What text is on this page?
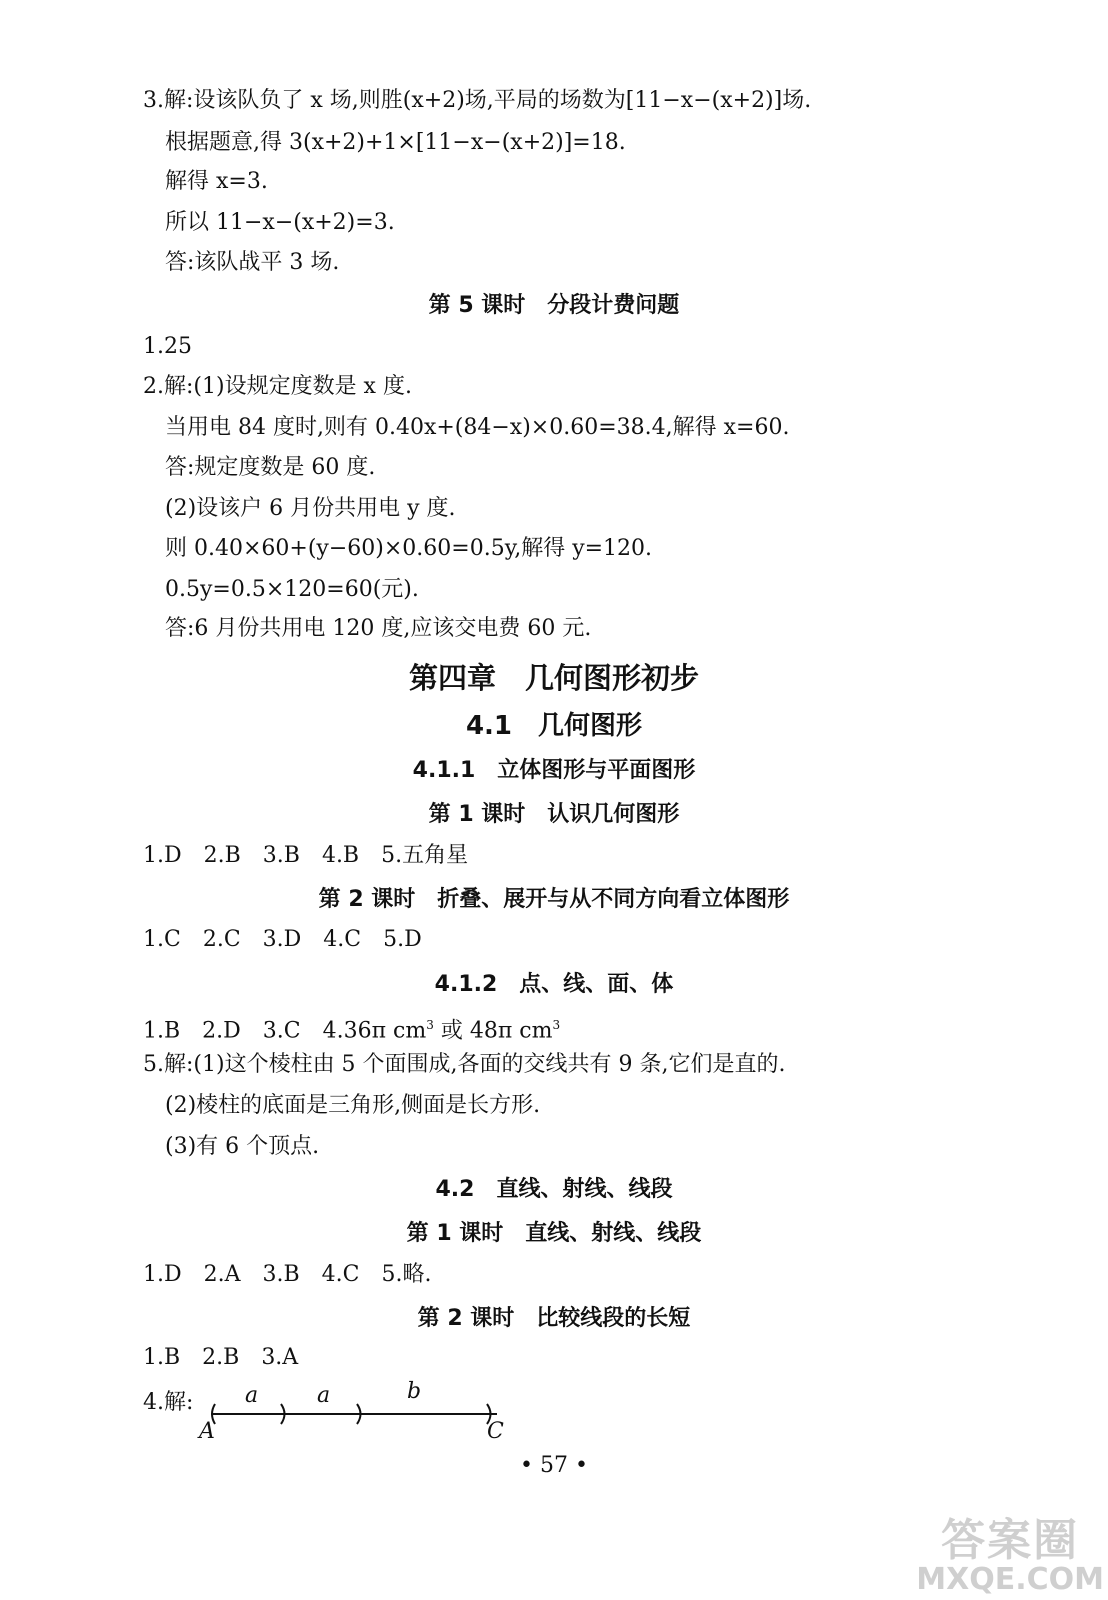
3.解:设该队负了 x 场,则胜(x+2)场,平局的场数为[11−x−(x+2)]场.
根据题意,得 3(x+2)+1×[11−x−(x+2)]=18.
解得 x=3.
所以 11−x−(x+2)=3.
答:该队战平 3 场.
第 5 课时　分段计费问题
1.25
2.解:(1)设规定度数是 x 度.
当用电 84 度时,则有 0.40x+(84−x)×0.60=38.4,解得 x=60.
答:规定度数是 60 度.
(2)设该户 6 月份共用电 y 度.
则 0.40×60+(y−60)×0.60=0.5y,解得 y=120.
0.5y=0.5×120=60(元).
答:6 月份共用电 120 度,应该交电费 60 元.
第四章　几何图形初步
4.1　几何图形
4.1.1　立体图形与平面图形
第 1 课时　认识几何图形
1.D　2.B　3.B　4.B　5.五角星
第 2 课时　折叠、展开与从不同方向看立体图形
1.C　2.C　3.D　4.C　5.D
4.1.2　点、线、面、体
1.B　2.D　3.C　4.36π $cm^3$ 或 48π $cm^3$
5.解:(1)这个棱柱由 5 个面围成,各面的交线共有 9 条,它们是直的.
(2)棱柱的底面是三角形,侧面是长方形.
(3)有 6 个顶点.
4.2　直线、射线、线段
第 1 课时　直线、射线、线段
1.D　2.A　3.B　4.C　5.略.
第 2 课时　比较线段的长短
1.B　2.B　3.A
4.解: a	a	b
A	C
• 57 •
答案圈
MXQE.COM
